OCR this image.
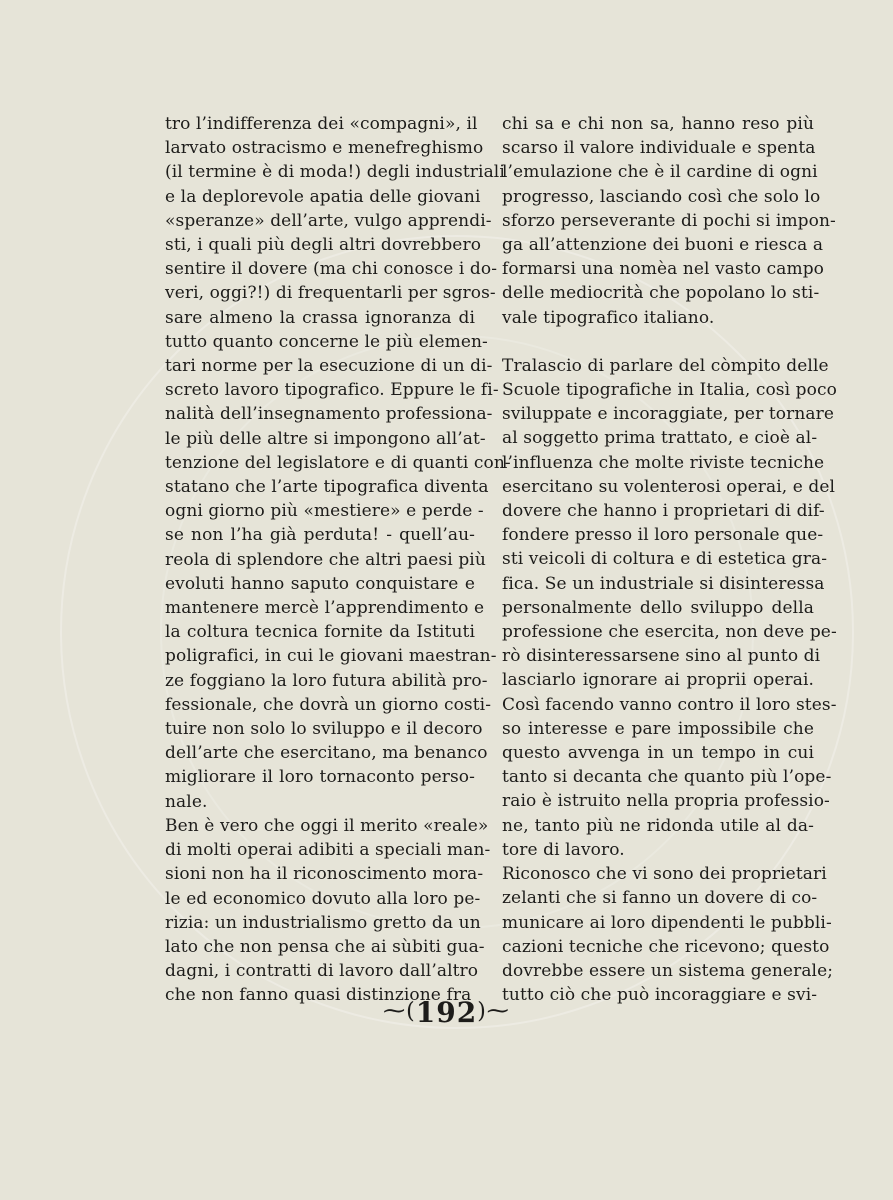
tro l’indifferenza dei «compagni», il
larvato ostracismo e menefreghismo
(il termine è di moda!) degli industriali
e la deplorevole apatia delle giovani
«speranze» dell’arte, vulgo apprendi-
sti, i quali più degli altri dovrebbero
sentire il dovere (ma chi conosce i do-
veri, oggi?!) di frequentarli per sgros-
sare almeno la crassa ignoranza di
tutto quanto concerne le più elemen-
tari norme per la esecuzione di un di-
screto lavoro tipografico. Eppure le fi-
nalità dell’insegnamento professiona-
le più delle altre si impongono all’at-
tenzione del legislatore e di quanti con-
statano che l’arte tipografica diventa
ogni giorno più «mestiere» e perde -
se non l’ha già perduta! - quell’au-
reola di splendore che altri paesi più
evoluti hanno saputo conquistare e
mantenere mercè l’apprendimento e
la coltura tecnica fornite da Istituti
poligrafici, in cui le giovani maestran-
ze foggiano la loro futura abilità pro-
fessionale, che dovrà un giorno costi-
tuire non solo lo sviluppo e il decoro
dell’arte che esercitano, ma benanco
migliorare il loro tornaconto perso-
nale.
Ben è vero che oggi il merito «reale»
di molti operai adibiti a speciali man-
sioni non ha il riconoscimento mora-
le ed economico dovuto alla loro pe-
rizia: un industrialismo gretto da un
lato che non pensa che ai sùbiti gua-
dagni, i contratti di lavoro dall’altro
che non fanno quasi distinzione fra
chi sa e chi non sa, hanno reso più
scarso il valore individuale e spenta
l’emulazione che è il cardine di ogni
progresso, lasciando così che solo lo
sforzo perseverante di pochi si impon-
ga all’attenzione dei buoni e riesca a
formarsi una nomèa nel vasto campo
delle mediocrità che popolano lo sti-
vale tipografico italiano.
Tralascio di parlare del còmpito delle
Scuole tipografiche in Italia, così poco
sviluppate e incoraggiate, per tornare
al soggetto prima trattato, e cioè al-
l’influenza che molte riviste tecniche
esercitano su volenterosi operai, e del
dovere che hanno i proprietari di dif-
fondere presso il loro personale que-
sti veicoli di coltura e di estetica gra-
fica. Se un industriale si disinteressa
personalmente dello sviluppo della
professione che esercita, non deve pe-
rò disinteressarsene sino al punto di
lasciarlo ignorare ai proprii operai.
Così facendo vanno contro il loro stes-
so interesse e pare impossibile che
questo avvenga in un tempo in cui
tanto si decanta che quanto più l’ope-
raio è istruito nella propria professio-
ne, tanto più ne ridonda utile al da-
tore di lavoro.
Riconosco che vi sono dei proprietari
zelanti che si fanno un dovere di co-
municare ai loro dipendenti le pubbli-
cazioni tecniche che ricevono; questo
dovrebbe essere un sistema generale;
tutto ciò che può incoraggiare e svi-
⁓(192)⁓
